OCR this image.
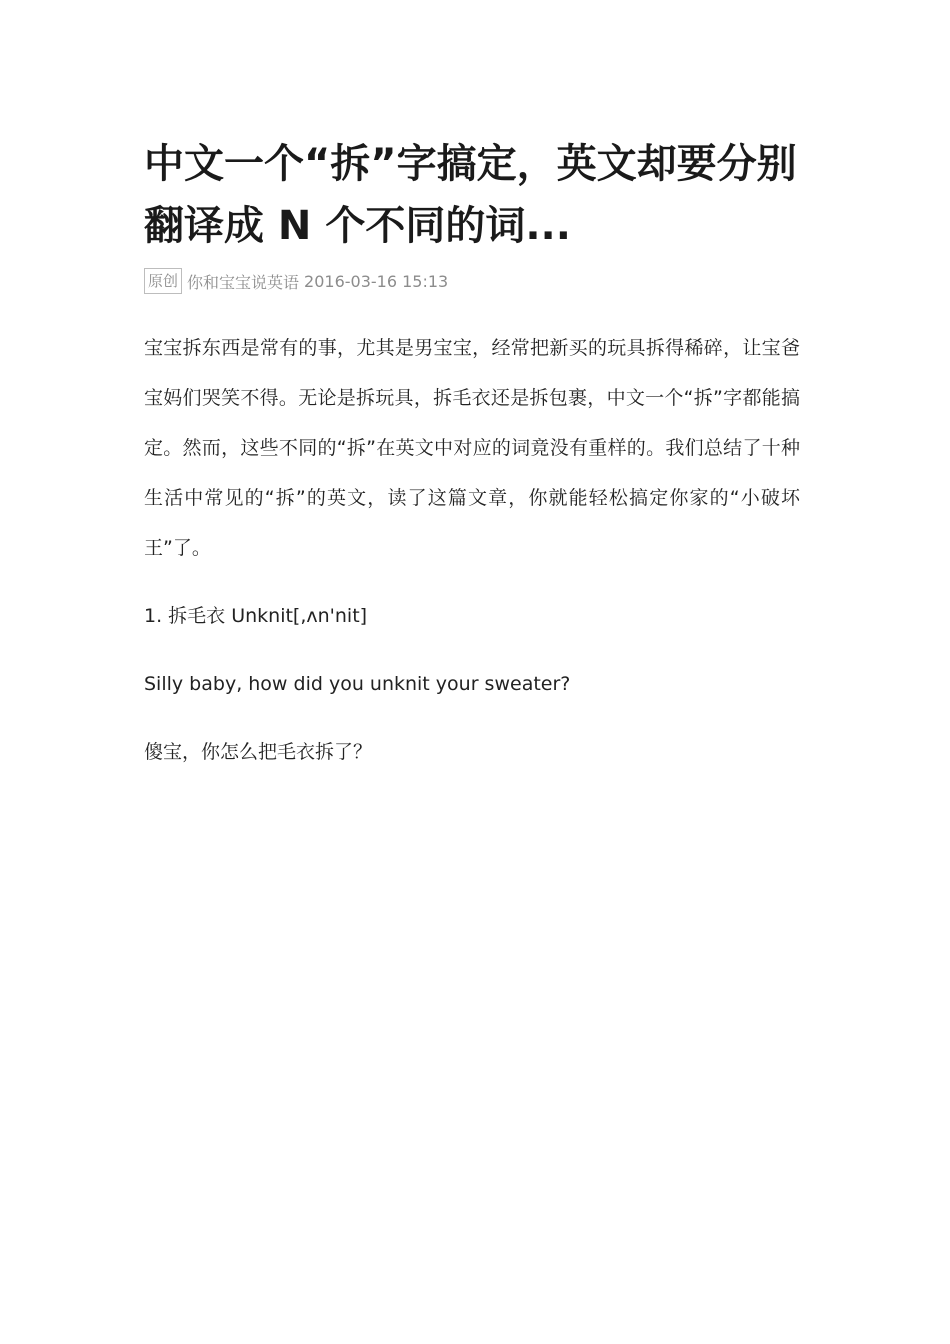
中文一个“拆”字搞定，英文却要分别翻译成 N 个不同的词...
原创 你和宝宝说英语 2016-03-16 15:13

宝宝拆东西是常有的事，尤其是男宝宝，经常把新买的玩具拆得稀碎，让宝爸宝妈们哭笑不得。无论是拆玩具，拆毛衣还是拆包裹，中文一个“拆”字都能搞定。然而，这些不同的“拆”在英文中对应的词竟没有重样的。我们总结了十种生活中常见的“拆”的英文，读了这篇文章，你就能轻松搞定你家的“小破坏王”了。

1. 拆毛衣 Unknit[,ʌn'nit]

Silly baby, how did you unknit your sweater?

傻宝，你怎么把毛衣拆了？
